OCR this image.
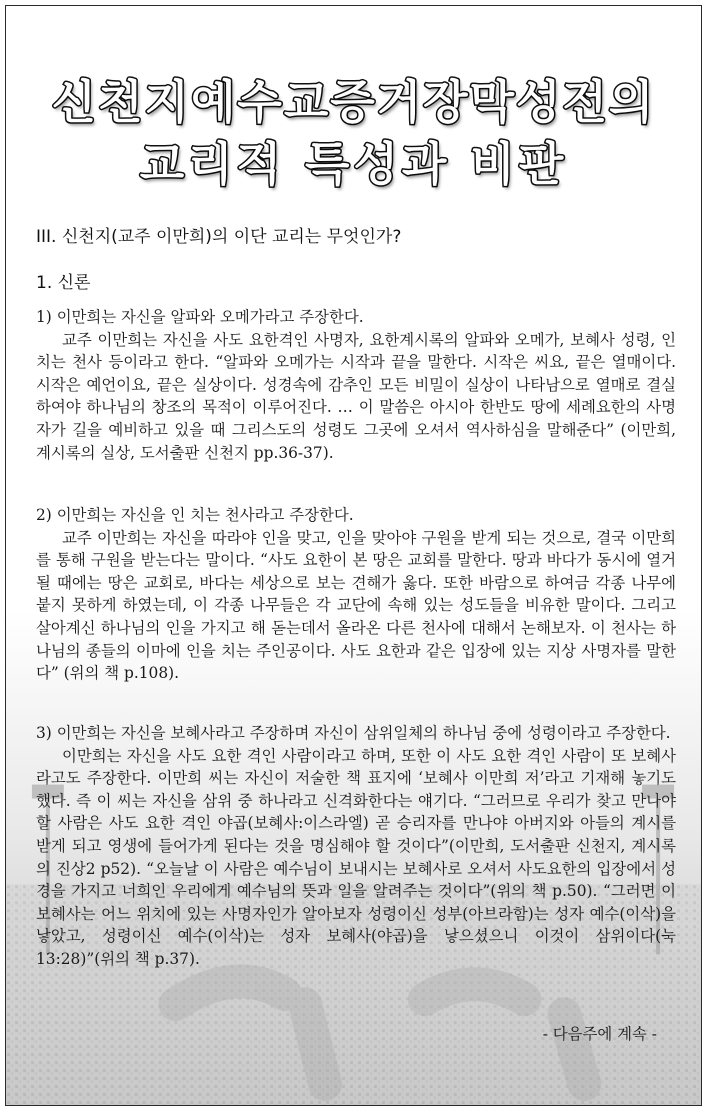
신천지예수교증거장막성전의
교리적 특성과 비판
III. 신천지(교주 이만희)의 이단 교리는 무엇인가?
1. 신론

1) 이만희는 자신을 알파와 오메가라고 주장한다.

교주 이만희는 자신을 사도 요한격인 사명자, 요한계시록의 알파와 오메가, 보혜사 성령, 인치는 천사 등이라고 한다. “알파와 오메가는 시작과 끝을 말한다. 시작은 씨요, 끝은 열매이다. 시작은 예언이요, 끝은 실상이다. 성경속에 감추인 모든 비밀이 실상이 나타남으로 열매로 결실하여야 하나님의 창조의 목적이 이루어진다. … 이 말씀은 아시아 한반도 땅에 세례요한의 사명자가 길을 예비하고 있을 때 그리스도의 성령도 그곳에 오셔서 역사하심을 말해준다” (이만희, 계시록의 실상, 도서출판 신천지 pp.36-37).

2) 이만희는 자신을 인 치는 천사라고 주장한다.

교주 이만희는 자신을 따라야 인을 맞고, 인을 맞아야 구원을 받게 되는 것으로, 결국 이만희를 통해 구원을 받는다는 말이다. “사도 요한이 본 땅은 교회를 말한다. 땅과 바다가 동시에 열거될 때에는 땅은 교회로, 바다는 세상으로 보는 견해가 옳다. 또한 바람으로 하여금 각종 나무에 붙지 못하게 하였는데, 이 각종 나무들은 각 교단에 속해 있는 성도들을 비유한 말이다. 그리고 살아계신 하나님의 인을 가지고 해 돋는데서 올라온 다른 천사에 대해서 논해보자. 이 천사는 하나님의 종들의 이마에 인을 치는 주인공이다. 사도 요한과 같은 입장에 있는 지상 사명자를 말한다” (위의 책 p.108).

3) 이만희는 자신을 보혜사라고 주장하며 자신이 삼위일체의 하나님 중에 성령이라고 주장한다.

이만희는 자신을 사도 요한 격인 사람이라고 하며, 또한 이 사도 요한 격인 사람이 또 보혜사라고도 주장한다. 이만희 씨는 자신이 저술한 책 표지에 ‘보혜사 이만희 저’라고 기재해 놓기도 했다. 즉 이 씨는 자신을 삼위 중 하나라고 신격화한다는 얘기다. “그러므로 우리가 찾고 만나야 할 사람은 사도 요한 격인 야곱(보혜사:이스라엘) 곧 승리자를 만나야 아버지와 아들의 계시를 받게 되고 영생에 들어가게 된다는 것을 명심해야 할 것이다”(이만희, 도서출판 신천지, 계시록의 진상2 p52). “오늘날 이 사람은 예수님이 보내시는 보혜사로 오셔서 사도요한의 입장에서 성경을 가지고 너희인 우리에게 예수님의 뜻과 일을 알려주는 것이다”(위의 책 p.50). “그러면 이 보혜사는 어느 위치에 있는 사명자인가 알아보자 성령이신 성부(아브라함)는 성자 예수(이삭)을 낳았고, 성령이신 예수(이삭)는 성자 보혜사(야곱)을 낳으셨으니 이것이 삼위이다(눅 13:28)”(위의 책 p.37).

- 다음주에 계속 -
